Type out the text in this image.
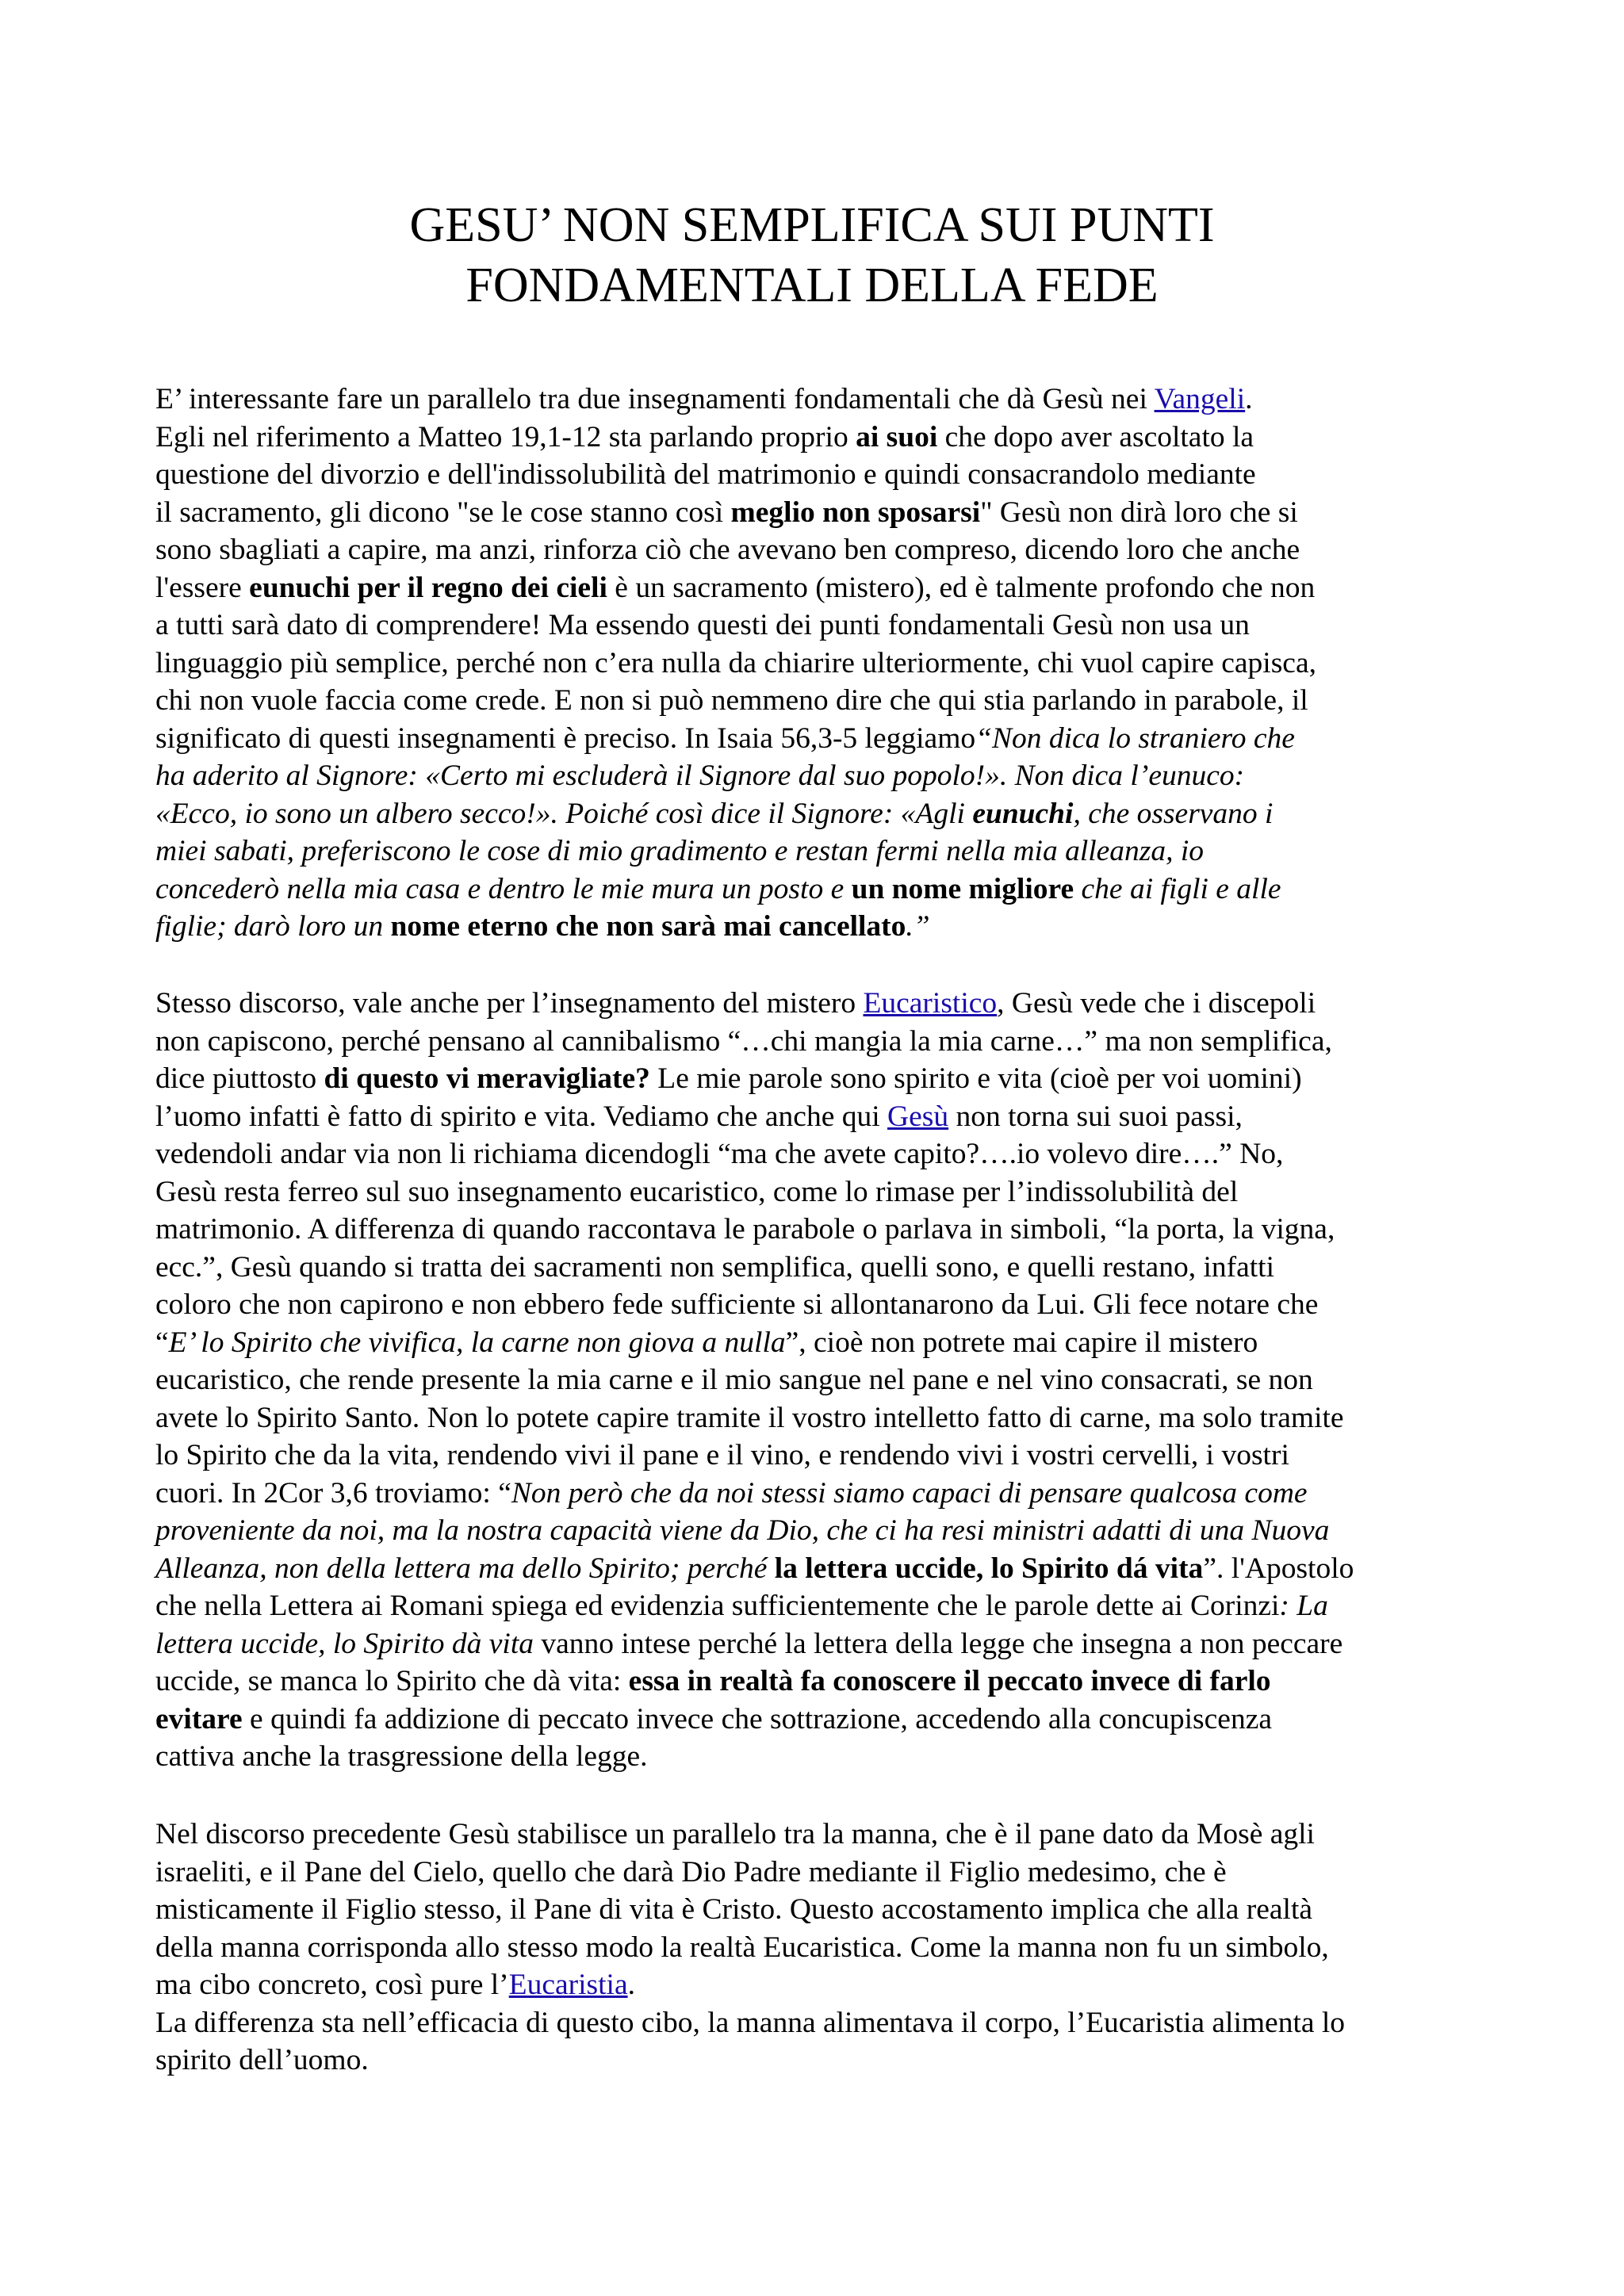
GESU’ NON SEMPLIFICA SUI PUNTI
FONDAMENTALI DELLA FEDE
E’ interessante fare un parallelo tra due insegnamenti fondamentali che dà Gesù nei Vangeli.
Egli nel riferimento a Matteo 19,1-12 sta parlando proprio ai suoi che dopo aver ascoltato la
questione del divorzio e dell'indissolubilità del matrimonio e quindi consacrandolo mediante
il sacramento, gli dicono "se le cose stanno così meglio non sposarsi" Gesù non dirà loro che si
sono sbagliati a capire, ma anzi, rinforza ciò che avevano ben compreso, dicendo loro che anche
l'essere eunuchi per il regno dei cieli è un sacramento (mistero), ed è talmente profondo che non
a tutti sarà dato di comprendere! Ma essendo questi dei punti fondamentali Gesù non usa un
linguaggio più semplice, perché non c’era nulla da chiarire ulteriormente, chi vuol capire capisca,
chi non vuole faccia come crede. E non si può nemmeno dire che qui stia parlando in parabole, il
significato di questi insegnamenti è preciso. In Isaia 56,3-5 leggiamo“Non dica lo straniero che
ha aderito al Signore: «Certo mi escluderà il Signore dal suo popolo!». Non dica l’eunuco:
«Ecco, io sono un albero secco!». Poiché così dice il Signore: «Agli eunuchi, che osservano i
miei sabati, preferiscono le cose di mio gradimento e restan fermi nella mia alleanza, io
concederò nella mia casa e dentro le mie mura un posto e un nome migliore che ai figli e alle
figlie; darò loro un nome eterno che non sarà mai cancellato.”
Stesso discorso, vale anche per l’insegnamento del mistero Eucaristico, Gesù vede che i discepoli
non capiscono, perché pensano al cannibalismo “…chi mangia la mia carne…” ma non semplifica,
dice piuttosto di questo vi meravigliate? Le mie parole sono spirito e vita (cioè per voi uomini)
l’uomo infatti è fatto di spirito e vita. Vediamo che anche qui Gesù non torna sui suoi passi,
vedendoli andar via non li richiama dicendogli “ma che avete capito?….io volevo dire….” No,
Gesù resta ferreo sul suo insegnamento eucaristico, come lo rimase per l’indissolubilità del
matrimonio. A differenza di quando raccontava le parabole o parlava in simboli, “la porta, la vigna,
ecc.”, Gesù quando si tratta dei sacramenti non semplifica, quelli sono, e quelli restano, infatti
coloro che non capirono e non ebbero fede sufficiente si allontanarono da Lui. Gli fece notare che
“E’ lo Spirito che vivifica, la carne non giova a nulla”, cioè non potrete mai capire il mistero
eucaristico, che rende presente la mia carne e il mio sangue nel pane e nel vino consacrati, se non
avete lo Spirito Santo. Non lo potete capire tramite il vostro intelletto fatto di carne, ma solo tramite
lo Spirito che da la vita, rendendo vivi il pane e il vino, e rendendo vivi i vostri cervelli, i vostri
cuori. In 2Cor 3,6 troviamo: “Non però che da noi stessi siamo capaci di pensare qualcosa come
proveniente da noi, ma la nostra capacità viene da Dio, che ci ha resi ministri adatti di una Nuova
Alleanza, non della lettera ma dello Spirito; perché la lettera uccide, lo Spirito dá vita”. l'Apostolo
che nella Lettera ai Romani spiega ed evidenzia sufficientemente che le parole dette ai Corinzi: La
lettera uccide, lo Spirito dà vita vanno intese perché la lettera della legge che insegna a non peccare
uccide, se manca lo Spirito che dà vita: essa in realtà fa conoscere il peccato invece di farlo
evitare e quindi fa addizione di peccato invece che sottrazione, accedendo alla concupiscenza
cattiva anche la trasgressione della legge.
Nel discorso precedente Gesù stabilisce un parallelo tra la manna, che è il pane dato da Mosè agli
israeliti, e il Pane del Cielo, quello che darà Dio Padre mediante il Figlio medesimo, che è
misticamente il Figlio stesso, il Pane di vita è Cristo. Questo accostamento implica che alla realtà
della manna corrisponda allo stesso modo la realtà Eucaristica. Come la manna non fu un simbolo,
ma cibo concreto, così pure l’Eucaristia.
La differenza sta nell’efficacia di questo cibo, la manna alimentava il corpo, l’Eucaristia alimenta lo
spirito dell’uomo.
